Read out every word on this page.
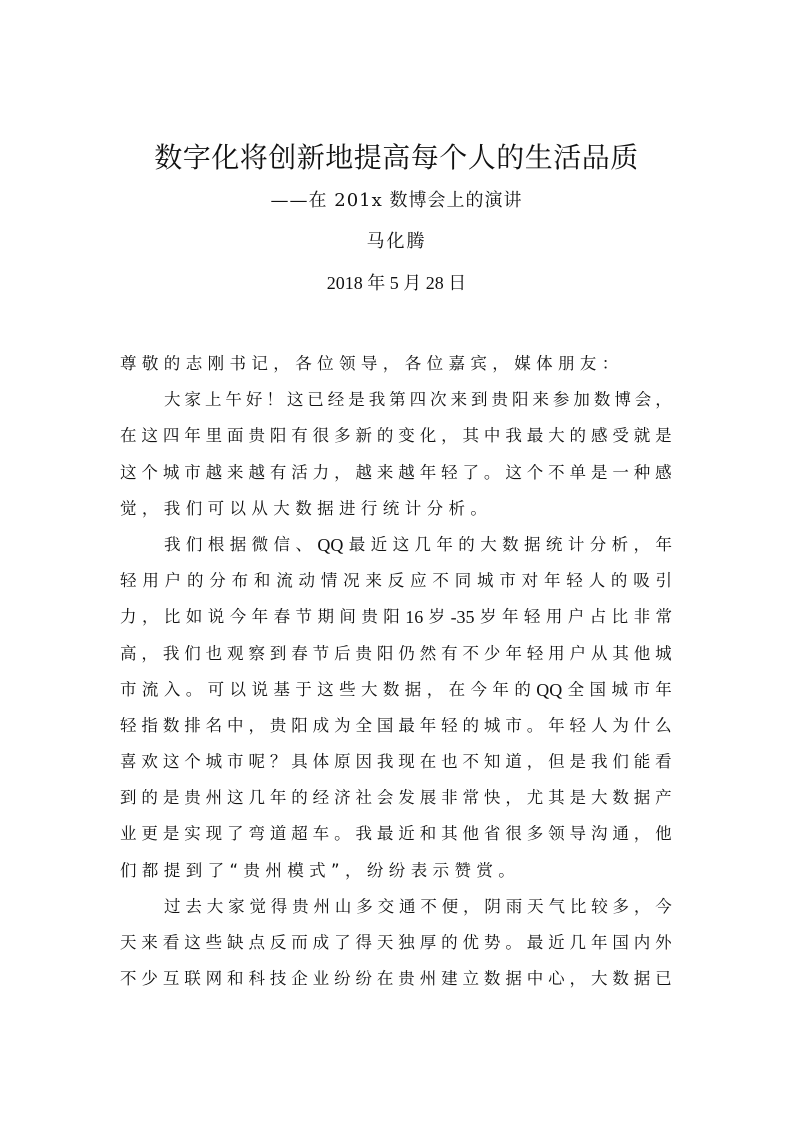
数字化将创新地提高每个人的生活品质
——在 201x 数博会上的演讲
马化腾
2018 年 5 月 28 日
尊敬的志刚书记，各位领导，各位嘉宾，媒体朋友：
大 家 上 午 好 ！ 这 已 经 是 我 第 四 次 来 到 贵 阳 来 参 加 数 博 会 ，
在 这 四 年 里 面 贵 阳 有 很 多 新 的 变 化 ， 其 中 我 最 大 的 感 受 就 是
这 个 城 市 越 来 越 有 活 力 ， 越 来 越 年 轻 了 。 这 个 不 单 是 一 种 感
觉，我们可以从大数据进行统计分析。
我 们 根 据 微 信 、 QQ 最 近 这 几 年 的 大 数 据 统 计 分 析 ， 年
轻 用 户 的 分 布 和 流 动 情 况 来 反 应 不 同 城 市 对 年 轻 人 的 吸 引
力 ， 比 如 说 今 年 春 节 期 间 贵 阳 16 岁 -35 岁 年 轻 用 户 占 比 非 常
高 ， 我 们 也 观 察 到 春 节 后 贵 阳 仍 然 有 不 少 年 轻 用 户 从 其 他 城
市 流 入 。 可 以 说 基 于 这 些 大 数 据 ， 在 今 年 的 QQ 全 国 城 市 年
轻 指 数 排 名 中 ， 贵 阳 成 为 全 国 最 年 轻 的 城 市 。 年 轻 人 为 什 么
喜 欢 这 个 城 市 呢 ？ 具 体 原 因 我 现 在 也 不 知 道 ， 但 是 我 们 能 看
到 的 是 贵 州 这 几 年 的 经 济 社 会 发 展 非 常 快 ， 尤 其 是 大 数 据 产
业 更 是 实 现 了 弯 道 超 车 。 我 最 近 和 其 他 省 很 多 领 导 沟 通 ， 他
们都提到了“贵州模式”，纷纷表示赞赏。
过 去 大 家 觉 得 贵 州 山 多 交 通 不 便 ， 阴 雨 天 气 比 较 多 ， 今
天 来 看 这 些 缺 点 反 而 成 了 得 天 独 厚 的 优 势 。 最 近 几 年 国 内 外
不 少 互 联 网 和 科 技 企 业 纷 纷 在 贵 州 建 立 数 据 中 心 ， 大 数 据 已
